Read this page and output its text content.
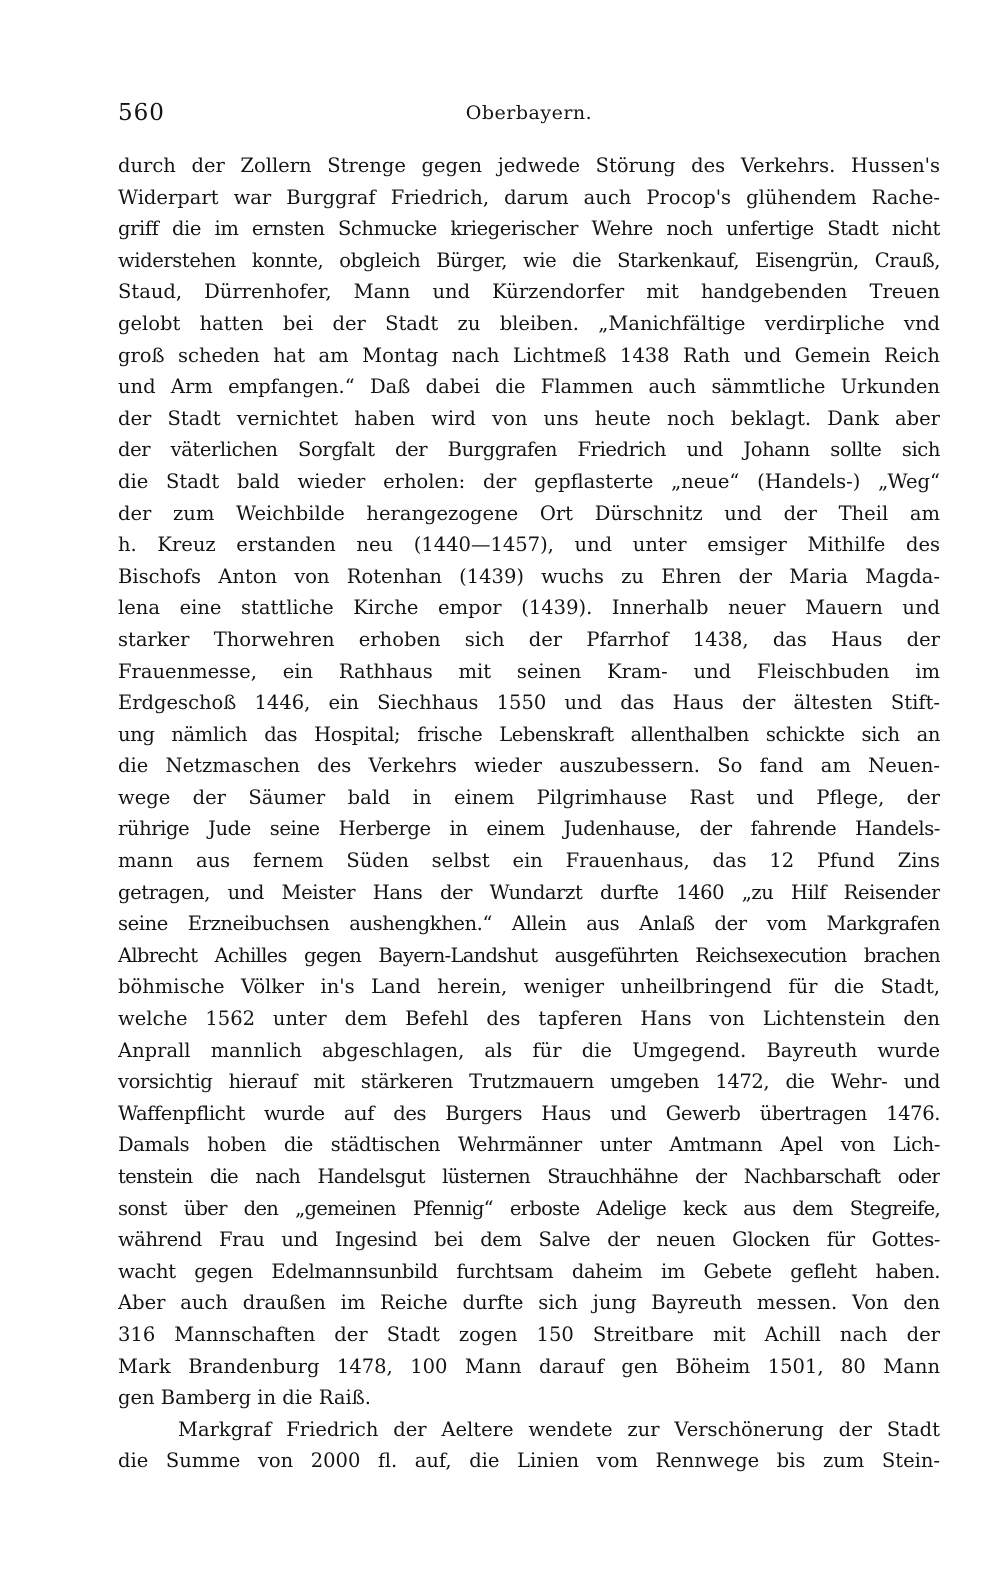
560	Oberbayern.
durch der Zollern Strenge gegen jedwede Störung des Verkehrs. Hussen's
Widerpart war Burggraf Friedrich, darum auch Procop's glühendem Rache-
griff die im ernsten Schmucke kriegerischer Wehre noch unfertige Stadt nicht
widerstehen konnte, obgleich Bürger, wie die Starkenkauf, Eisengrün, Crauß,
Staud, Dürrenhofer, Mann und Kürzendorfer mit handgebenden Treuen
gelobt hatten bei der Stadt zu bleiben. „Manichfältige verdirpliche vnd
groß scheden hat am Montag nach Lichtmeß 1438 Rath und Gemein Reich
und Arm empfangen.“ Daß dabei die Flammen auch sämmtliche Urkunden
der Stadt vernichtet haben wird von uns heute noch beklagt. Dank aber
der väterlichen Sorgfalt der Burggrafen Friedrich und Johann sollte sich
die Stadt bald wieder erholen: der gepflasterte „neue“ (Handels-) „Weg“
der zum Weichbilde herangezogene Ort Dürschnitz und der Theil am
h. Kreuz erstanden neu (1440—1457), und unter emsiger Mithilfe des
Bischofs Anton von Rotenhan (1439) wuchs zu Ehren der Maria Magda-
lena eine stattliche Kirche empor (1439). Innerhalb neuer Mauern und
starker Thorwehren erhoben sich der Pfarrhof 1438, das Haus der
Frauenmesse, ein Rathhaus mit seinen Kram- und Fleischbuden im
Erdgeschoß 1446, ein Siechhaus 1550 und das Haus der ältesten Stift-
ung nämlich das Hospital; frische Lebenskraft allenthalben schickte sich an
die Netzmaschen des Verkehrs wieder auszubessern. So fand am Neuen-
wege der Säumer bald in einem Pilgrimhause Rast und Pflege, der
rührige Jude seine Herberge in einem Judenhause, der fahrende Handels-
mann aus fernem Süden selbst ein Frauenhaus, das 12 Pfund Zins
getragen, und Meister Hans der Wundarzt durfte 1460 „zu Hilf Reisender
seine Erzneibuchsen aushengkhen.“ Allein aus Anlaß der vom Markgrafen
Albrecht Achilles gegen Bayern-Landshut ausgeführten Reichsexecution brachen
böhmische Völker in's Land herein, weniger unheilbringend für die Stadt,
welche 1562 unter dem Befehl des tapferen Hans von Lichtenstein den
Anprall mannlich abgeschlagen, als für die Umgegend. Bayreuth wurde
vorsichtig hierauf mit stärkeren Trutzmauern umgeben 1472, die Wehr- und
Waffenpflicht wurde auf des Burgers Haus und Gewerb übertragen 1476.
Damals hoben die städtischen Wehrmänner unter Amtmann Apel von Lich-
tenstein die nach Handelsgut lüsternen Strauchhähne der Nachbarschaft oder
sonst über den „gemeinen Pfennig“ erboste Adelige keck aus dem Stegreife,
während Frau und Ingesind bei dem Salve der neuen Glocken für Gottes-
wacht gegen Edelmannsunbild furchtsam daheim im Gebete gefleht haben.
Aber auch draußen im Reiche durfte sich jung Bayreuth messen. Von den
316 Mannschaften der Stadt zogen 150 Streitbare mit Achill nach der
Mark Brandenburg 1478, 100 Mann darauf gen Böheim 1501, 80 Mann
gen Bamberg in die Raiß.
Markgraf Friedrich der Aeltere wendete zur Verschönerung der Stadt
die Summe von 2000 fl. auf, die Linien vom Rennwege bis zum Stein-
